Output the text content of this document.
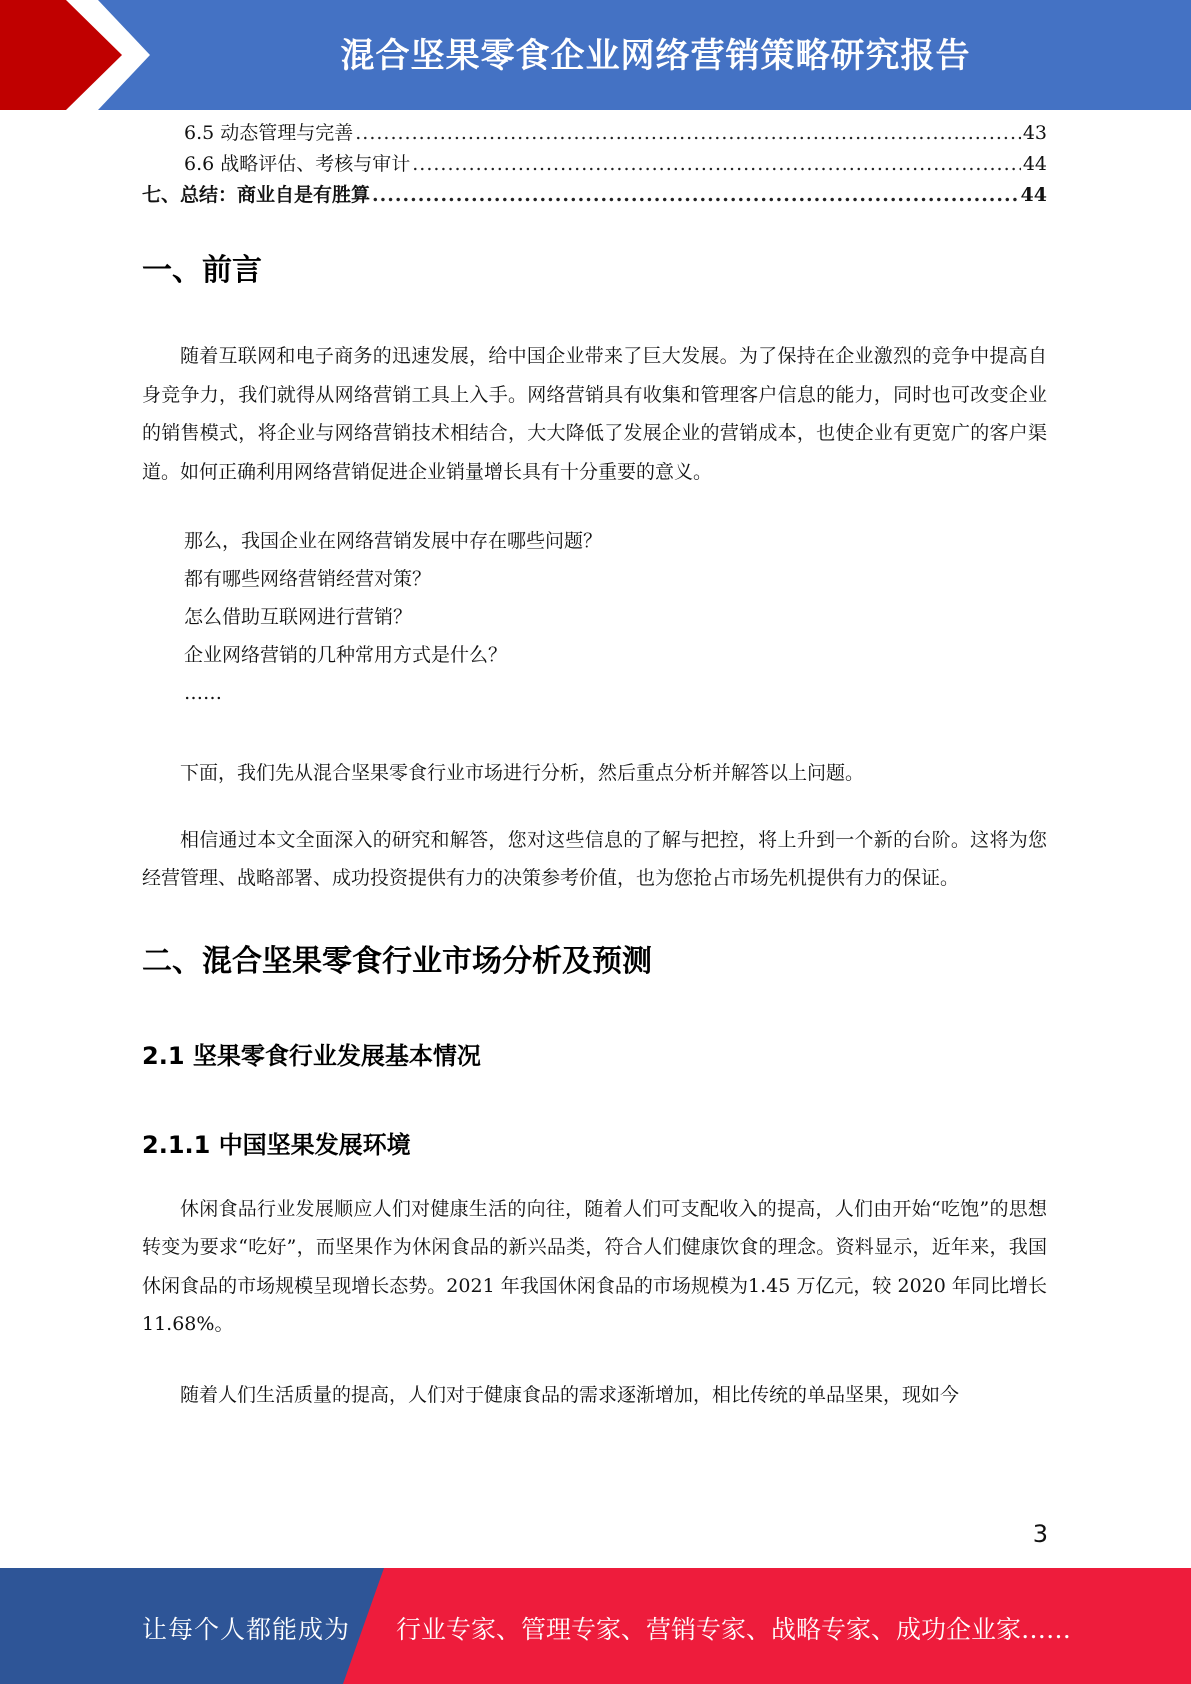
混合坚果零食企业网络营销策略研究报告
6.5 动态管理与完善 .....	43
6.6 战略评估、考核与审计 .....	44
七、总结：商业自是有胜算 .....	44
一、前言

随着互联网和电子商务的迅速发展，给中国企业带来了巨大发展。为了保持在企业激烈的竞争中提高自身竞争力，我们就得从网络营销工具上入手。网络营销具有收集和管理客户信息的能力，同时也可改变企业的销售模式，将企业与网络营销技术相结合，大大降低了发展企业的营销成本，也使企业有更宽广的客户渠道。如何正确利用网络营销促进企业销量增长具有十分重要的意义。

那么，我国企业在网络营销发展中存在哪些问题？
都有哪些网络营销经营对策？
怎么借助互联网进行营销？
企业网络营销的几种常用方式是什么？
……

下面，我们先从混合坚果零食行业市场进行分析，然后重点分析并解答以上问题。

相信通过本文全面深入的研究和解答，您对这些信息的了解与把控，将上升到一个新的台阶。这将为您经营管理、战略部署、成功投资提供有力的决策参考价值，也为您抢占市场先机提供有力的保证。

二、混合坚果零食行业市场分析及预测
2.1 坚果零食行业发展基本情况
2.1.1 中国坚果发展环境

休闲食品行业发展顺应人们对健康生活的向往，随着人们可支配收入的提高，人们由开始“吃饱”的思想转变为要求“吃好”，而坚果作为休闲食品的新兴品类，符合人们健康饮食的理念。资料显示，近年来，我国休闲食品的市场规模呈现增长态势。2021 年我国休闲食品的市场规模为1.45 万亿元，较 2020 年同比增长 11.68%。

随着人们生活质量的提高，人们对于健康食品的需求逐渐增加，相比传统的单品坚果，现如今

3
让每个人都能成为 行业专家、管理专家、营销专家、战略专家、成功企业家……
